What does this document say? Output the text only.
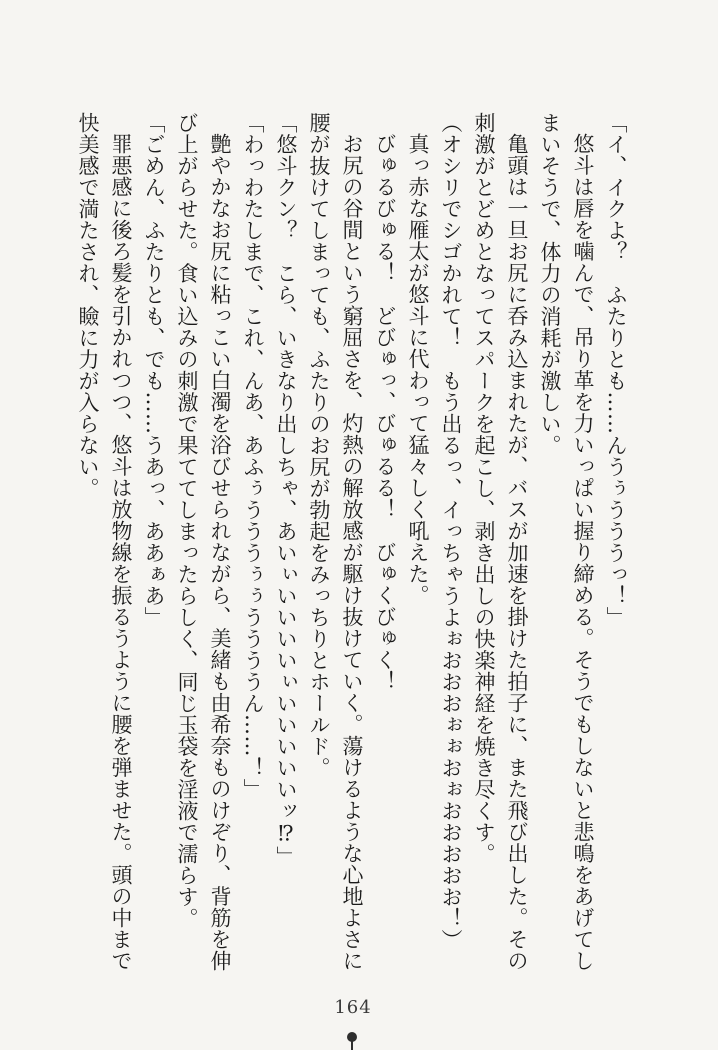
「イ、イクよ？　ふたりとも……んうぅうううっ！」

悠斗は唇を噛んで、吊り革を力いっぱい握り締める。そうでもしないと悲鳴をあげてし

まいそうで、体力の消耗が激しい。

亀頭は一旦お尻に呑み込まれたが、バスが加速を掛けた拍子に、また飛び出した。その

刺激がとどめとなってスパークを起こし、剥き出しの快楽神経を焼き尽くす。

（オシリでシゴかれて！　もう出るっ、イっちゃうよぉおおおぉぉおぉおおおおお！）

真っ赤な雁太が悠斗に代わって猛々しく吼えた。

びゅるびゅる！　どびゅっ、びゅるる！　びゅくびゅく！

お尻の谷間という窮屈さを、灼熱の解放感が駆け抜けていく。蕩けるような心地よさに

腰が抜けてしまっても、ふたりのお尻が勃起をみっちりとホールド。

「悠斗クン？　こら、いきなり出しちゃ、あいぃいいいいぃいいいいいッ⁉」

「わっわたしまで、これ、んあ、あふぅうううぅぅううううん……！」

艶やかなお尻に粘っこい白濁を浴びせられながら、美緒も由希奈ものけぞり、背筋を伸

び上がらせた。食い込みの刺激で果ててしまったらしく、同じ玉袋を淫液で濡らす。

「ごめん、ふたりとも、でも……うあっ、ああぁあ」

罪悪感に後ろ髪を引かれつつ、悠斗は放物線を振るうように腰を弾ませた。頭の中まで

快美感で満たされ、瞼に力が入らない。

164
